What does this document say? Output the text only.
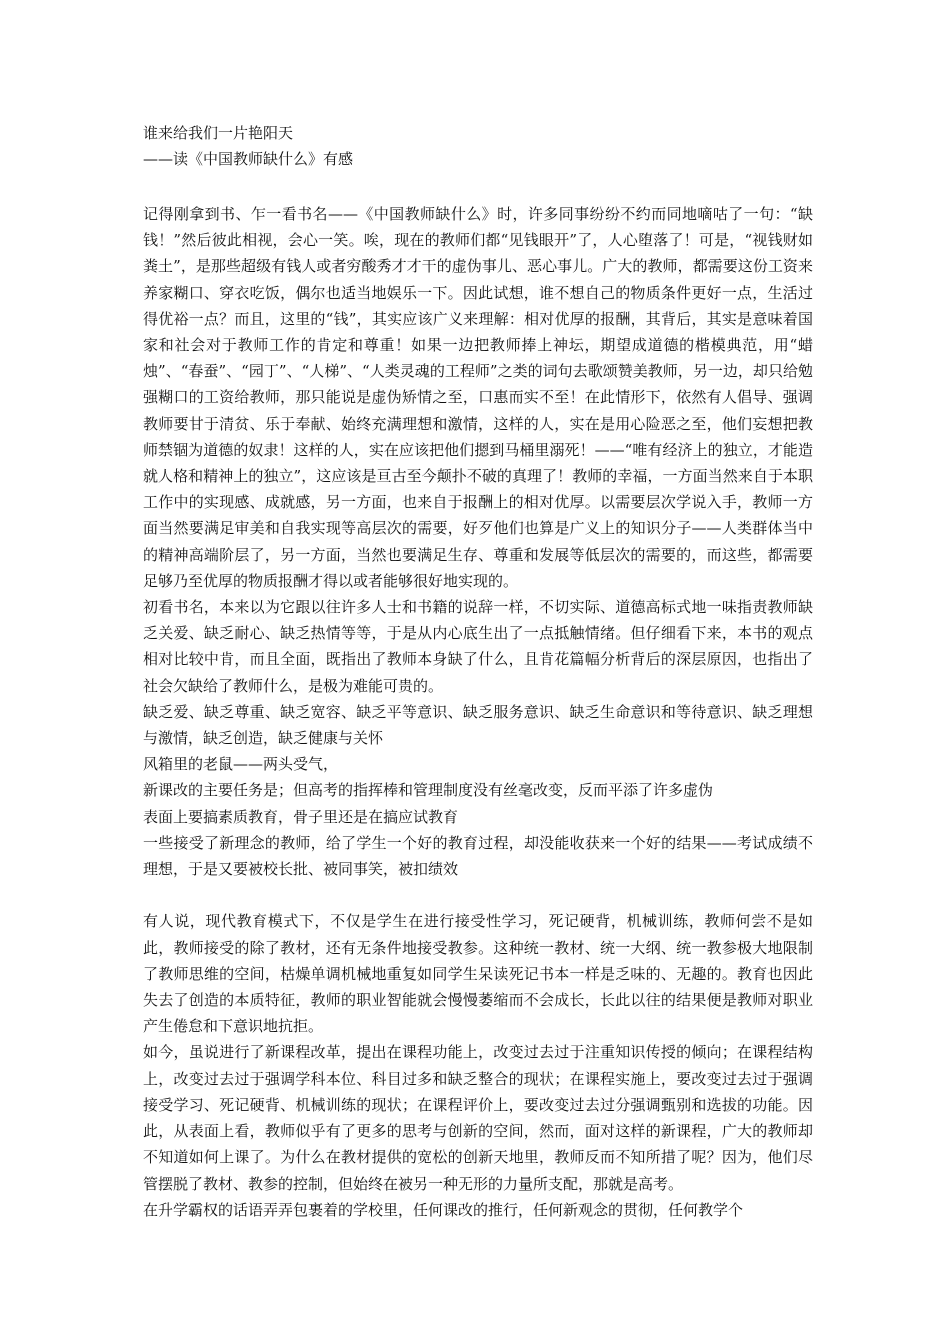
谁来给我们一片艳阳天
——读《中国教师缺什么》有感

记得刚拿到书、乍一看书名——《中国教师缺什么》时，许多同事纷纷不约而同地嘀咕了一句：“缺钱！”然后彼此相视，会心一笑。唉，现在的教师们都“见钱眼开”了，人心堕落了！可是，“视钱财如粪土”，是那些超级有钱人或者穷酸秀才才干的虚伪事儿、恶心事儿。广大的教师，都需要这份工资来养家糊口、穿衣吃饭，偶尔也适当地娱乐一下。因此试想，谁不想自己的物质条件更好一点，生活过得优裕一点？而且，这里的“钱”，其实应该广义来理解：相对优厚的报酬，其背后，其实是意味着国家和社会对于教师工作的肯定和尊重！如果一边把教师捧上神坛，期望成道德的楷模典范，用“蜡烛”、“春蚕”、“园丁”、“人梯”、“人类灵魂的工程师”之类的词句去歌颂赞美教师，另一边，却只给勉强糊口的工资给教师，那只能说是虚伪矫情之至，口惠而实不至！在此情形下，依然有人倡导、强调教师要甘于清贫、乐于奉献、始终充满理想和激情，这样的人，实在是用心险恶之至，他们妄想把教师禁锢为道德的奴隶！这样的人，实在应该把他们摁到马桶里溺死！——“唯有经济上的独立，才能造就人格和精神上的独立”，这应该是亘古至今颠扑不破的真理了！教师的幸福，一方面当然来自于本职工作中的实现感、成就感，另一方面，也来自于报酬上的相对优厚。以需要层次学说入手，教师一方面当然要满足审美和自我实现等高层次的需要，好歹他们也算是广义上的知识分子——人类群体当中的精神高端阶层了，另一方面，当然也要满足生存、尊重和发展等低层次的需要的，而这些，都需要足够乃至优厚的物质报酬才得以或者能够很好地实现的。

初看书名，本来以为它跟以往许多人士和书籍的说辞一样，不切实际、道德高标式地一味指责教师缺乏关爱、缺乏耐心、缺乏热情等等，于是从内心底生出了一点抵触情绪。但仔细看下来，本书的观点相对比较中肯，而且全面，既指出了教师本身缺了什么，且肯花篇幅分析背后的深层原因，也指出了社会欠缺给了教师什么，是极为难能可贵的。

缺乏爱、缺乏尊重、缺乏宽容、缺乏平等意识、缺乏服务意识、缺乏生命意识和等待意识、缺乏理想与激情，缺乏创造，缺乏健康与关怀

风箱里的老鼠——两头受气，

新课改的主要任务是；但高考的指挥棒和管理制度没有丝毫改变，反而平添了许多虚伪

表面上要搞素质教育，骨子里还是在搞应试教育

一些接受了新理念的教师，给了学生一个好的教育过程，却没能收获来一个好的结果——考试成绩不理想，于是又要被校长批、被同事笑，被扣绩效

有人说，现代教育模式下，不仅是学生在进行接受性学习，死记硬背，机械训练，教师何尝不是如此，教师接受的除了教材，还有无条件地接受教参。这种统一教材、统一大纲、统一教参极大地限制了教师思维的空间，枯燥单调机械地重复如同学生呆读死记书本一样是乏味的、无趣的。教育也因此失去了创造的本质特征，教师的职业智能就会慢慢萎缩而不会成长，长此以往的结果便是教师对职业产生倦怠和下意识地抗拒。

如今，虽说进行了新课程改革，提出在课程功能上，改变过去过于注重知识传授的倾向；在课程结构上，改变过去过于强调学科本位、科目过多和缺乏整合的现状；在课程实施上，要改变过去过于强调接受学习、死记硬背、机械训练的现状；在课程评价上，要改变过去过分强调甄别和选拔的功能。因此，从表面上看，教师似乎有了更多的思考与创新的空间，然而，面对这样的新课程，广大的教师却不知道如何上课了。为什么在教材提供的宽松的创新天地里，教师反而不知所措了呢？因为，他们尽管摆脱了教材、教参的控制，但始终在被另一种无形的力量所支配，那就是高考。

在升学霸权的话语弄弄包裹着的学校里，任何课改的推行，任何新观念的贯彻，任何教学个
